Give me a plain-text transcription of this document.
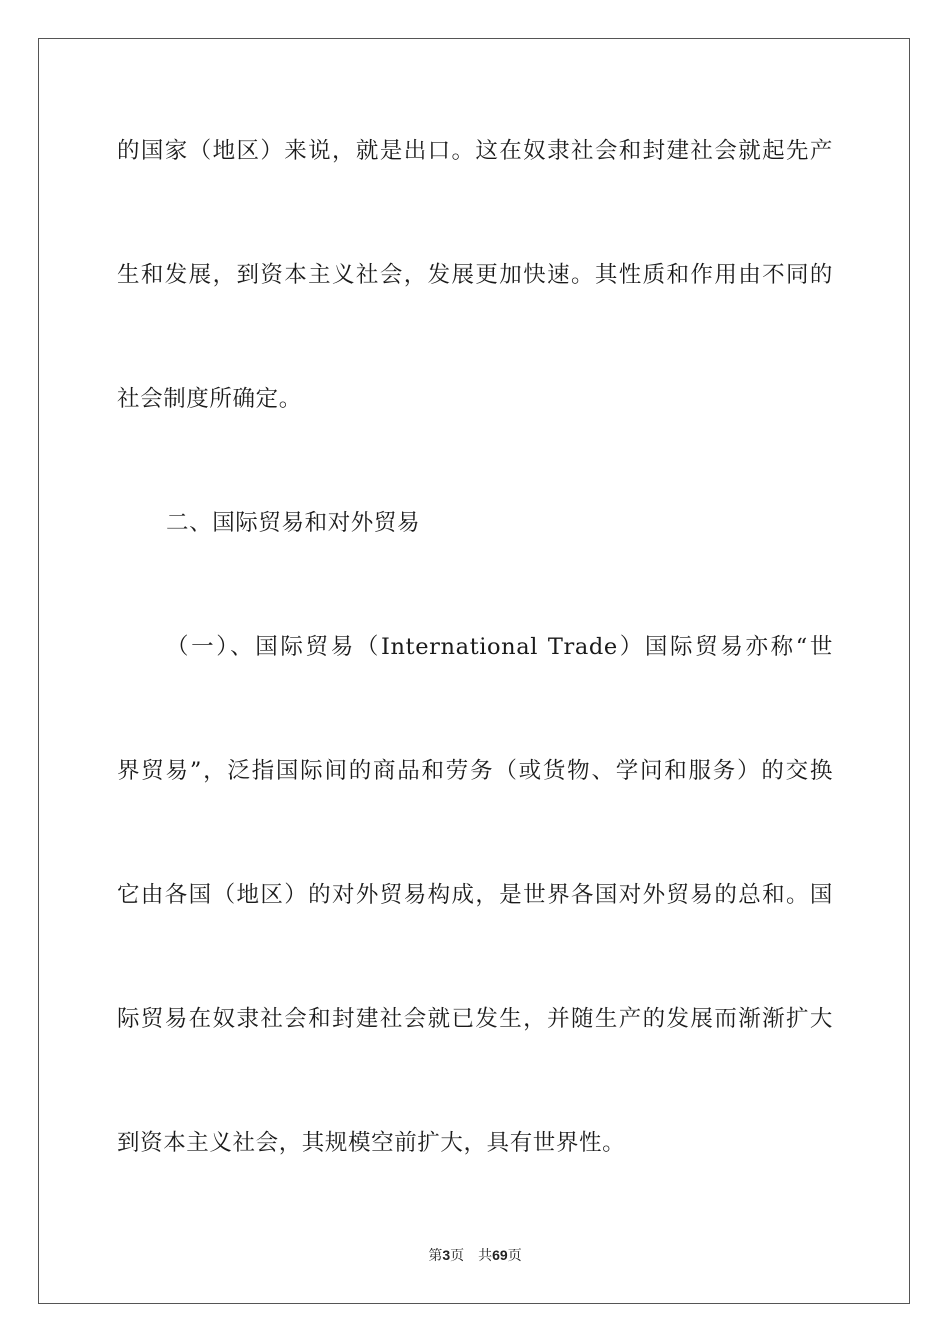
的国家（地区）来说，就是出口。这在奴隶社会和封建社会就起先产
生和发展，到资本主义社会，发展更加快速。其性质和作用由不同的
社会制度所确定。
二、国际贸易和对外贸易
（一）、国际贸易（International Trade）国际贸易亦称“世
界贸易”，泛指国际间的商品和劳务（或货物、学问和服务）的交换
它由各国（地区）的对外贸易构成，是世界各国对外贸易的总和。国
际贸易在奴隶社会和封建社会就已发生，并随生产的发展而渐渐扩大
到资本主义社会，其规模空前扩大，具有世界性。
第3页 共69页
